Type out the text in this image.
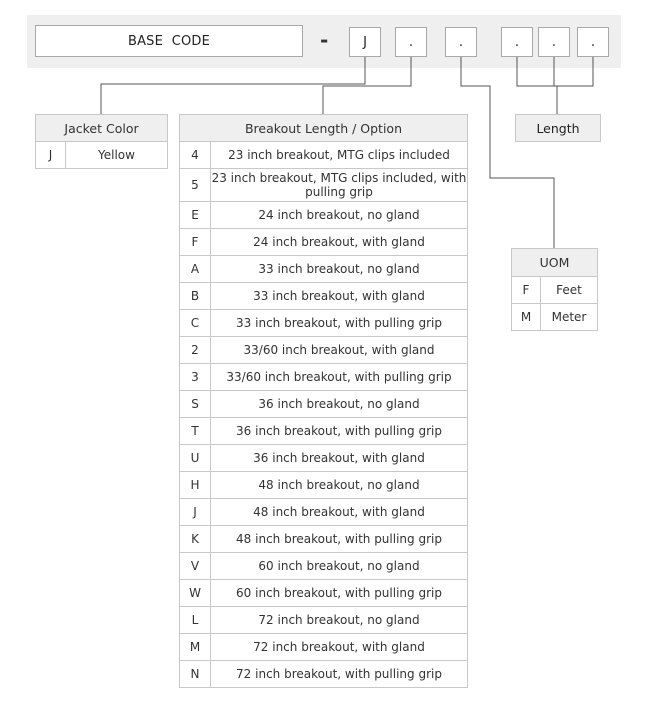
BASE  CODE	-	J	.	.	.	.	.
Jacket Color
J	Yellow
Breakout Length / Option	
4	23 inch breakout, MTG clips included
5	23 inch breakout, MTG clips included, with pulling grip
E	24 inch breakout, no gland
F	24 inch breakout, with gland
A	33 inch breakout, no gland
B	33 inch breakout, with gland
C	33 inch breakout, with pulling grip
2	33/60 inch breakout, with gland
3	33/60 inch breakout, with pulling grip
S	36 inch breakout, no gland
T	36 inch breakout, with pulling grip
U	36 inch breakout, with gland
H	48 inch breakout, no gland
J	48 inch breakout, with gland
K	48 inch breakout, with pulling grip
V	60 inch breakout, no gland
W	60 inch breakout, with pulling grip
L	72 inch breakout, no gland
M	72 inch breakout, with gland
N	72 inch breakout, with pulling grip
Length
UOM	
F	Feet
M	Meter
